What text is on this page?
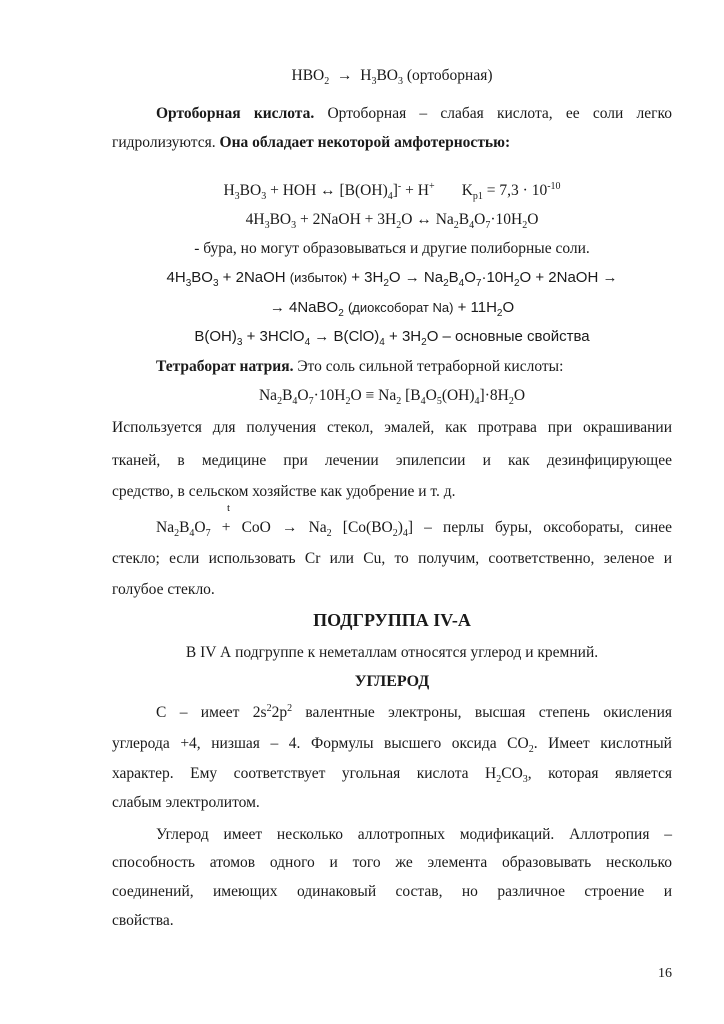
$HBO_2 \to H_3BO_3$ (ортоборная)
Ортоборная кислота. Ортоборная – слабая кислота, ее соли легко
гидролизуются. Она обладает некоторой амфотерностью:
$H_3BO_3$ + HOH ↔ $[B(OH)_4]^- + H^+$       $K_{p1} = 7,3 \cdot 10^{-10}$
$4H_3BO_3$ + 2NaOH + $3H_2O$ ↔ $Na_2B_4O_7\cdot 10H_2O$
- бура, но могут образовываться и другие полиборные соли.
$4H_3BO_3$ + 2NaOH (избыток) + $3H_2O \to Na_2B_4O_7\cdot 10H_2O$ + 2NaOH →
→ 4NaBO$_2$ (диоксоборат $Na) + 11H_2O$
$B(OH)_3$ + 3HClO$_4$ → $B(ClO)_4 + 3H_2O$ – основные свойства
Тетраборат натрия. Это соль сильной тетраборной кислоты:
$Na_2B_4O_7\cdot 10H_2O \equiv Na_2$ $[B_4O_5(OH)_4]\cdot 8H_2O$
Используется для получения стекол, эмалей, как протрава при окрашивании
тканей, в медицине при лечении эпилепсии и как дезинфицирующее
средство, в сельском хозяйстве как удобрение и т. д.
t
$Na_2B_4O_7$ + CoO → $Na_2$ $[Co(BO_2)_4]$ – перлы буры, оксобораты, синее
стекло; если использовать Cr или Cu, то получим, соответственно, зеленое и
голубое стекло.
ПОДГРУППА IV-А
В IV А подгруппе к неметаллам относятся углерод и кремний.
УГЛЕРОД
С – имеет $2s^22p^2$ валентные электроны, высшая степень окисления
углерода +4, низшая – 4. Формулы высшего оксида $CO_2$. Имеет кислотный
характер. Ему соответствует угольная кислота $H_2CO_3$, которая является
слабым электролитом.
Углерод имеет несколько аллотропных модификаций. Аллотропия –
способность атомов одного и того же элемента образовывать несколько
соединений, имеющих одинаковый состав, но различное строение и
свойства.
16
